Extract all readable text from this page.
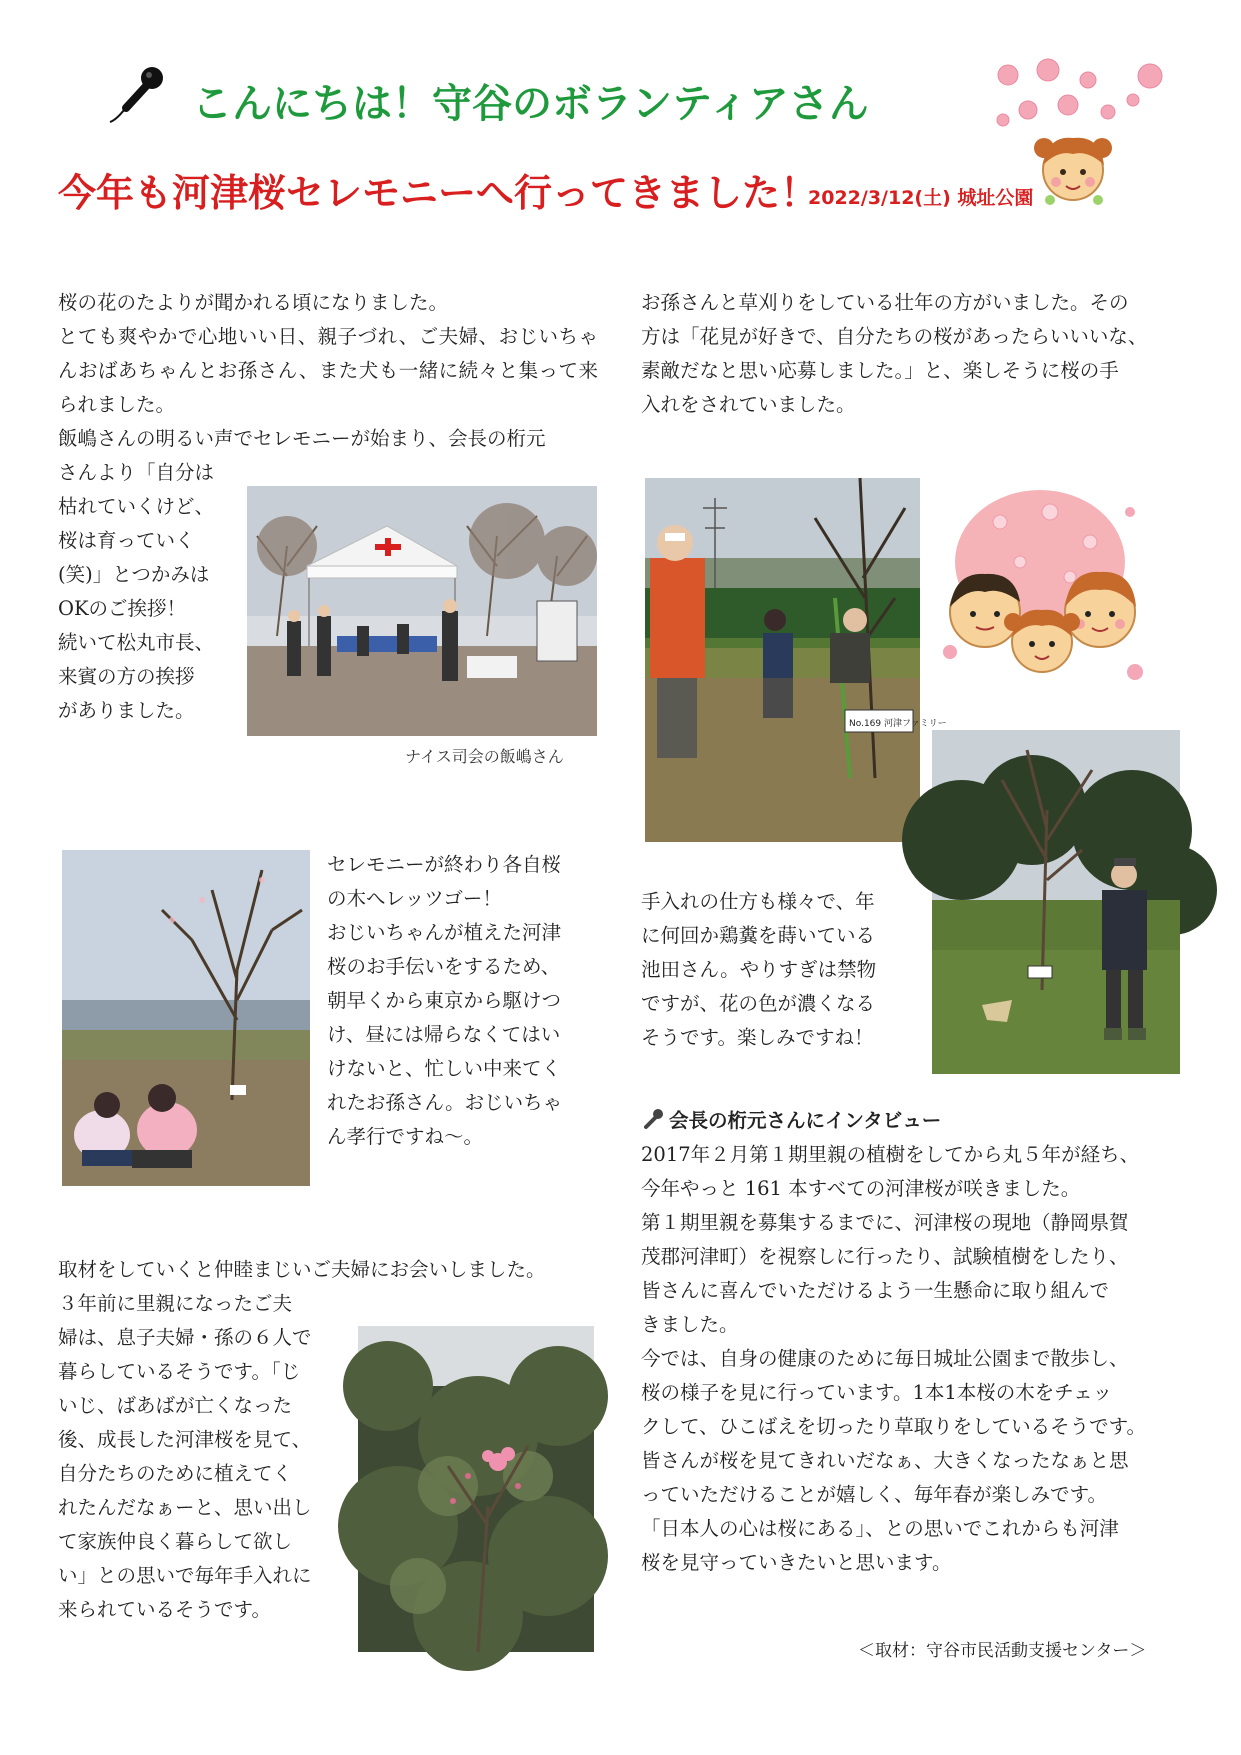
こんにちは！守谷のボランティアさん
今年も河津桜セレモニーへ行ってきました！
2022/3/12(土) 城址公園

桜の花のたよりが聞かれる頃になりました。

とても爽やかで心地いい日、親子づれ、ご夫婦、おじいちゃんおばあちゃんとお孫さん、また犬も一緒に続々と集って来られました。

飯嶋さんの明るい声でセレモニーが始まり、会長の桁元

さんより「自分は

枯れていくけど、

桜は育っていく

(笑)」とつかみは

OKのご挨拶！

続いて松丸市長、

来賓の方の挨拶

がありました。

ナイス司会の飯嶋さん

セレモニーが終わり各自桜

の木へレッツゴー！

おじいちゃんが植えた河津

桜のお手伝いをするため、

朝早くから東京から駆けつ

け、昼には帰らなくてはい

けないと、忙しい中来てく

れたお孫さん。おじいちゃ

ん孝行ですね～。

取材をしていくと仲睦まじいご夫婦にお会いしました。

３年前に里親になったご夫

婦は、息子夫婦・孫の６人で

暮らしているそうです。「じ

いじ、ばあばが亡くなった

後、成長した河津桜を見て、

自分たちのために植えてく

れたんだなぁーと、思い出し

て家族仲良く暮らして欲し

い」との思いで毎年手入れに

来られているそうです。

お孫さんと草刈りをしている壮年の方がいました。その

方は「花見が好きで、自分たちの桜があったらいいいな、

素敵だなと思い応募しました。」と、楽しそうに桜の手

入れをされていました。

No.169 河津ファミリー

手入れの仕方も様々で、年

に何回か鶏糞を蒔いている

池田さん。やりすぎは禁物

ですが、花の色が濃くなる

そうです。楽しみですね！

会長の桁元さんにインタビュー

2017年２月第１期里親の植樹をしてから丸５年が経ち、

今年やっと 161 本すべての河津桜が咲きました。

第１期里親を募集するまでに、河津桜の現地（静岡県賀

茂郡河津町）を視察しに行ったり、試験植樹をしたり、

皆さんに喜んでいただけるよう一生懸命に取り組んで

きました。

今では、自身の健康のために毎日城址公園まで散歩し、

桜の様子を見に行っています。1本1本桜の木をチェッ

クして、ひこばえを切ったり草取りをしているそうです。

皆さんが桜を見てきれいだなぁ、大きくなったなぁと思

っていただけることが嬉しく、毎年春が楽しみです。

「日本人の心は桜にある」、との思いでこれからも河津

桜を見守っていきたいと思います。

＜取材：守谷市民活動支援センター＞
